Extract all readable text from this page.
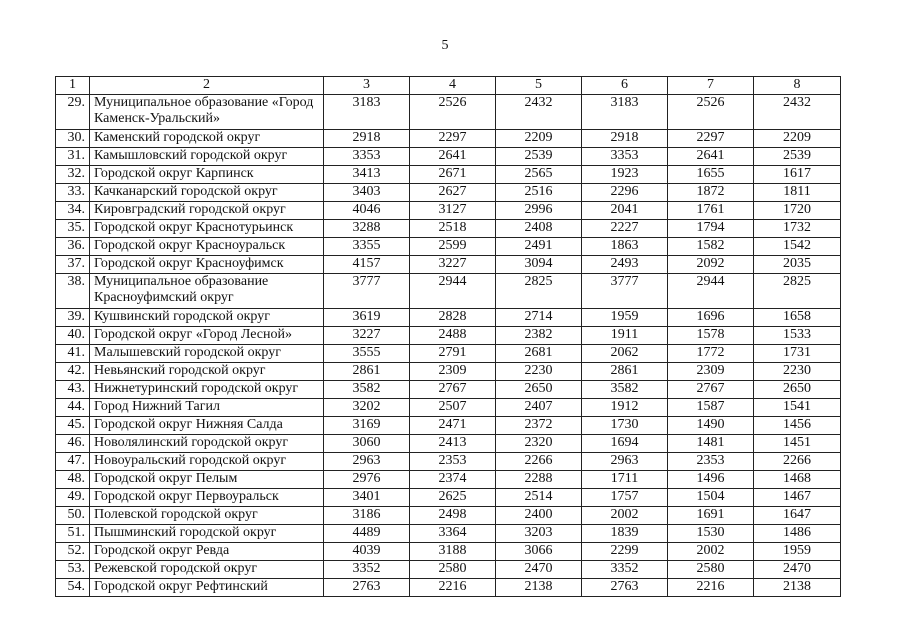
5
1	2	3	4	5	6	7	8
29.	Муниципальное образование «Город Каменск-Уральский»	3183	2526	2432	3183	2526	2432
30.	Каменский городской округ	2918	2297	2209	2918	2297	2209
31.	Камышловский городской округ	3353	2641	2539	3353	2641	2539
32.	Городской округ Карпинск	3413	2671	2565	1923	1655	1617
33.	Качканарский городской округ	3403	2627	2516	2296	1872	1811
34.	Кировградский городской округ	4046	3127	2996	2041	1761	1720
35.	Городской округ Краснотурьинск	3288	2518	2408	2227	1794	1732
36.	Городской округ Красноуральск	3355	2599	2491	1863	1582	1542
37.	Городской округ Красноуфимск	4157	3227	3094	2493	2092	2035
38.	Муниципальное образование Красноуфимский округ	3777	2944	2825	3777	2944	2825
39.	Кушвинский городской округ	3619	2828	2714	1959	1696	1658
40.	Городской округ «Город Лесной»	3227	2488	2382	1911	1578	1533
41.	Малышевский городской округ	3555	2791	2681	2062	1772	1731
42.	Невьянский городской округ	2861	2309	2230	2861	2309	2230
43.	Нижнетуринский городской округ	3582	2767	2650	3582	2767	2650
44.	Город Нижний Тагил	3202	2507	2407	1912	1587	1541
45.	Городской округ Нижняя Салда	3169	2471	2372	1730	1490	1456
46.	Новолялинский городской округ	3060	2413	2320	1694	1481	1451
47.	Новоуральский городской округ	2963	2353	2266	2963	2353	2266
48.	Городской округ Пелым	2976	2374	2288	1711	1496	1468
49.	Городской округ Первоуральск	3401	2625	2514	1757	1504	1467
50.	Полевской городской округ	3186	2498	2400	2002	1691	1647
51.	Пышминский городской округ	4489	3364	3203	1839	1530	1486
52.	Городской округ Ревда	4039	3188	3066	2299	2002	1959
53.	Режевской городской округ	3352	2580	2470	3352	2580	2470
54.	Городской округ Рефтинский	2763	2216	2138	2763	2216	2138
